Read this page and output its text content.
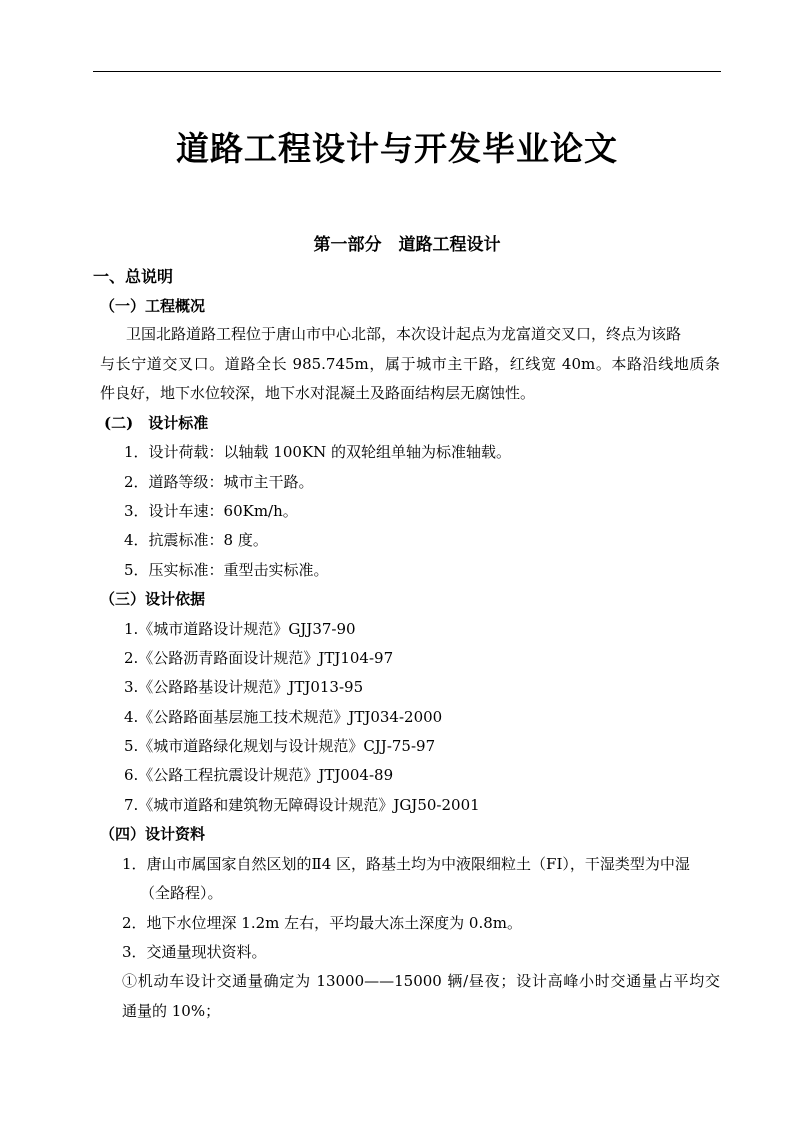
道路工程设计与开发毕业论文
第一部分　道路工程设计
一、总说明
（一）工程概况
卫国北路道路工程位于唐山市中心北部，本次设计起点为龙富道交叉口，终点为该路
与长宁道交叉口。道路全长 985.745m，属于城市主干路，红线宽 40m。本路沿线地质条
件良好，地下水位较深，地下水对混凝土及路面结构层无腐蚀性。
(二)　设计标准
1．设计荷载：以轴载 100KN 的双轮组单轴为标准轴载。
2．道路等级：城市主干路。
3．设计车速：60Km/h。
4．抗震标准：8 度。
5．压实标准：重型击实标准。
（三）设计依据
1.《城市道路设计规范》GJJ37-90
2.《公路沥青路面设计规范》JTJ104-97
3.《公路路基设计规范》JTJ013-95
4.《公路路面基层施工技术规范》JTJ034-2000
5.《城市道路绿化规划与设计规范》CJJ-75-97
6.《公路工程抗震设计规范》JTJ004-89
7.《城市道路和建筑物无障碍设计规范》JGJ50-2001
（四）设计资料
1．唐山市属国家自然区划的Ⅱ4 区，路基土均为中液限细粒土（FI），干湿类型为中湿
（全路程）。
2．地下水位埋深 1.2m 左右，平均最大冻土深度为 0.8m。
3．交通量现状资料。
①机动车设计交通量确定为 13000——15000 辆/昼夜；设计高峰小时交通量占平均交
通量的 10%；
